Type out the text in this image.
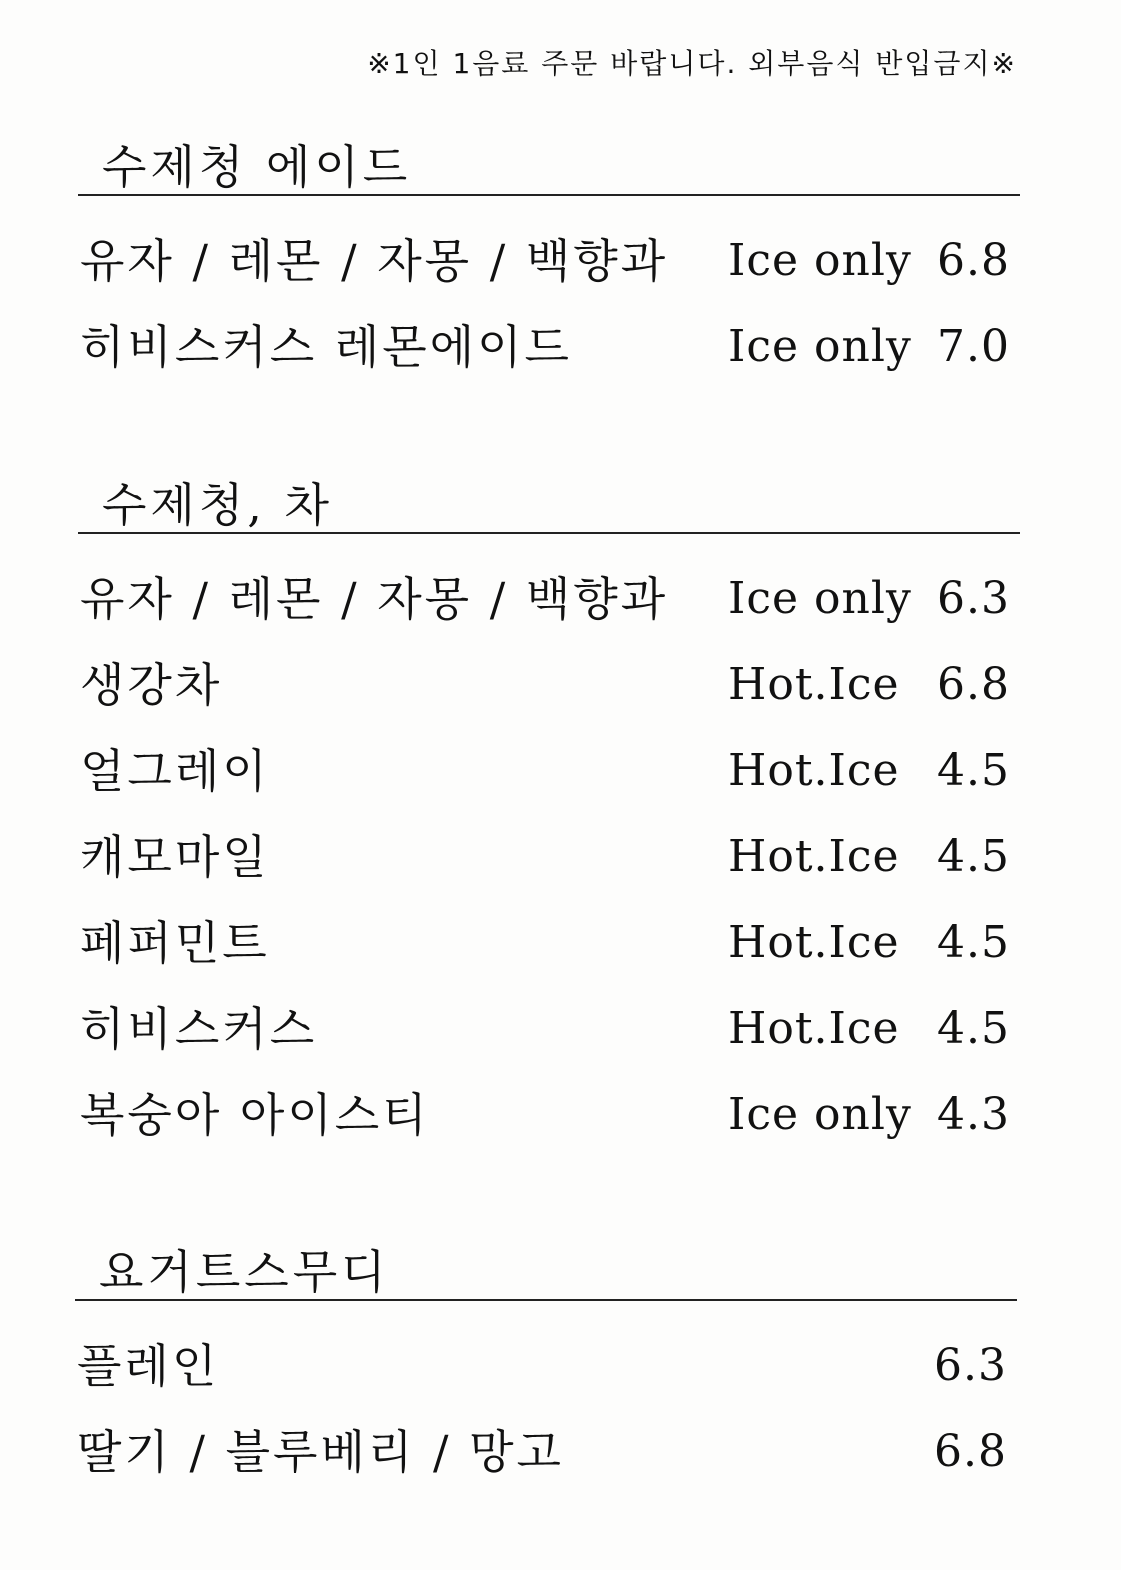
※1인 1음료 주문 바랍니다. 외부음식 반입금지※
수제청 에이드
유자 / 레몬 / 자몽 / 백향과 Ice only 6.8
히비스커스 레몬에이드	Ice only 7.0
수제청, 차
유자 / 레몬 / 자몽 / 백향과 Ice only 6.3
생강차	Hot.Ice 6.8
얼그레이	Hot.Ice 4.5
캐모마일	Hot.Ice 4.5
페퍼민트	Hot.Ice 4.5
히비스커스	Hot.Ice 4.5
복숭아 아이스티	Ice only 4.3
요거트스무디
플레인	6.3
딸기 / 블루베리 / 망고	6.8
